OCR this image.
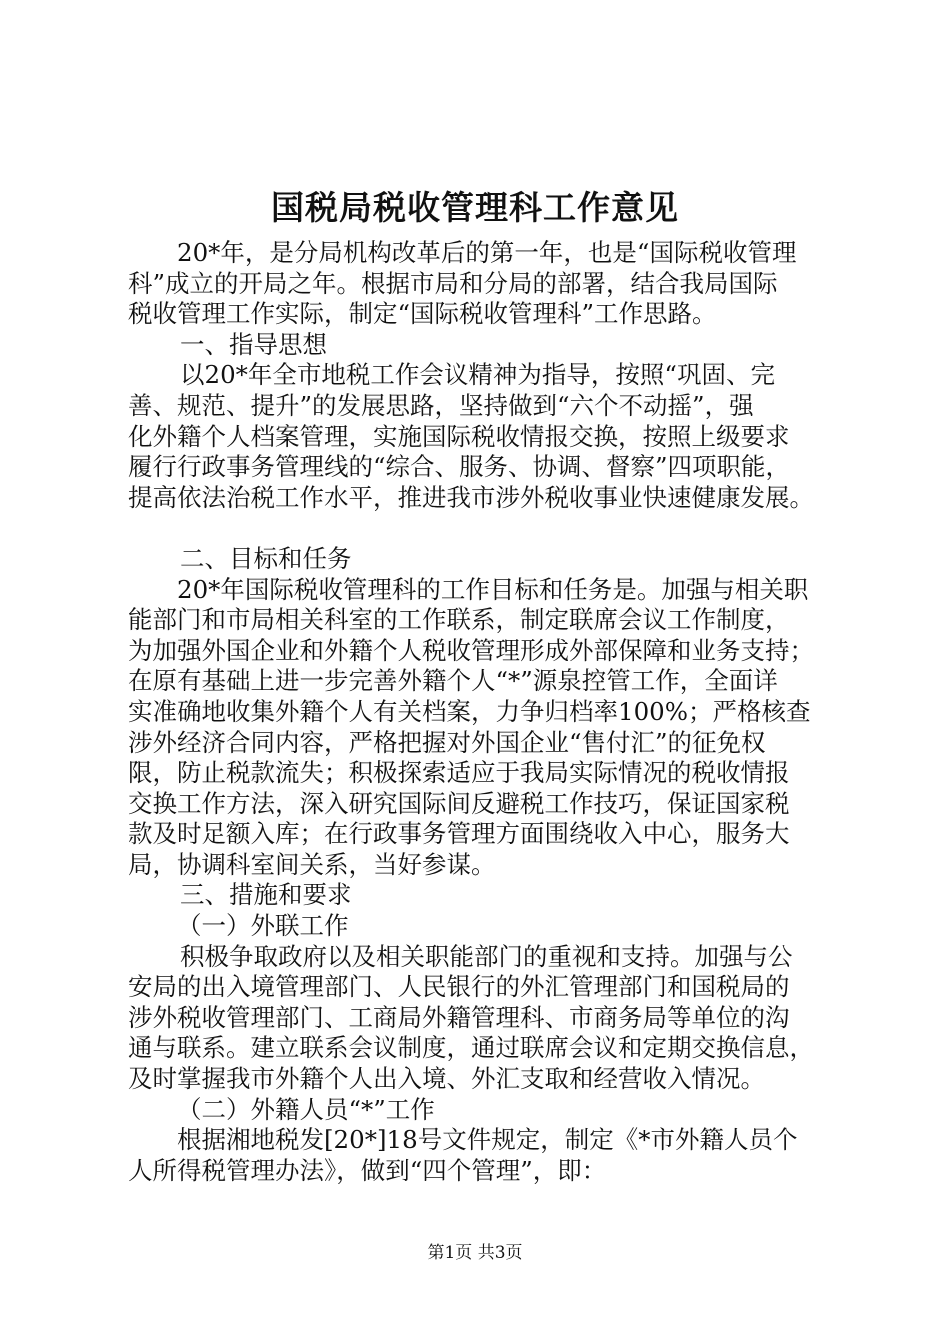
国税局税收管理科工作意见
20*年，是分局机构改革后的第一年，也是“国际税收管理
科”成立的开局之年。根据市局和分局的部署，结合我局国际
税收管理工作实际，制定“国际税收管理科”工作思路。
一、指导思想
以20*年全市地税工作会议精神为指导，按照“巩固、完
善、规范、提升”的发展思路，坚持做到“六个不动摇”，强
化外籍个人档案管理，实施国际税收情报交换，按照上级要求
履行行政事务管理线的“综合、服务、协调、督察”四项职能，
提高依法治税工作水平，推进我市涉外税收事业快速健康发展。
二、目标和任务
20*年国际税收管理科的工作目标和任务是。加强与相关职
能部门和市局相关科室的工作联系，制定联席会议工作制度，
为加强外国企业和外籍个人税收管理形成外部保障和业务支持；
在原有基础上进一步完善外籍个人“*”源泉控管工作，全面详
实准确地收集外籍个人有关档案，力争归档率100%；严格核查
涉外经济合同内容，严格把握对外国企业“售付汇”的征免权
限，防止税款流失；积极探索适应于我局实际情况的税收情报
交换工作方法，深入研究国际间反避税工作技巧，保证国家税
款及时足额入库；在行政事务管理方面围绕收入中心，服务大
局，协调科室间关系，当好参谋。
三、措施和要求
（一）外联工作
积极争取政府以及相关职能部门的重视和支持。加强与公
安局的出入境管理部门、人民银行的外汇管理部门和国税局的
涉外税收管理部门、工商局外籍管理科、市商务局等单位的沟
通与联系。建立联系会议制度，通过联席会议和定期交换信息，
及时掌握我市外籍个人出入境、外汇支取和经营收入情况。
（二）外籍人员“*”工作
根据湘地税发[20*]18号文件规定，制定《*市外籍人员个
人所得税管理办法》，做到“四个管理”，即：
第1页 共3页
